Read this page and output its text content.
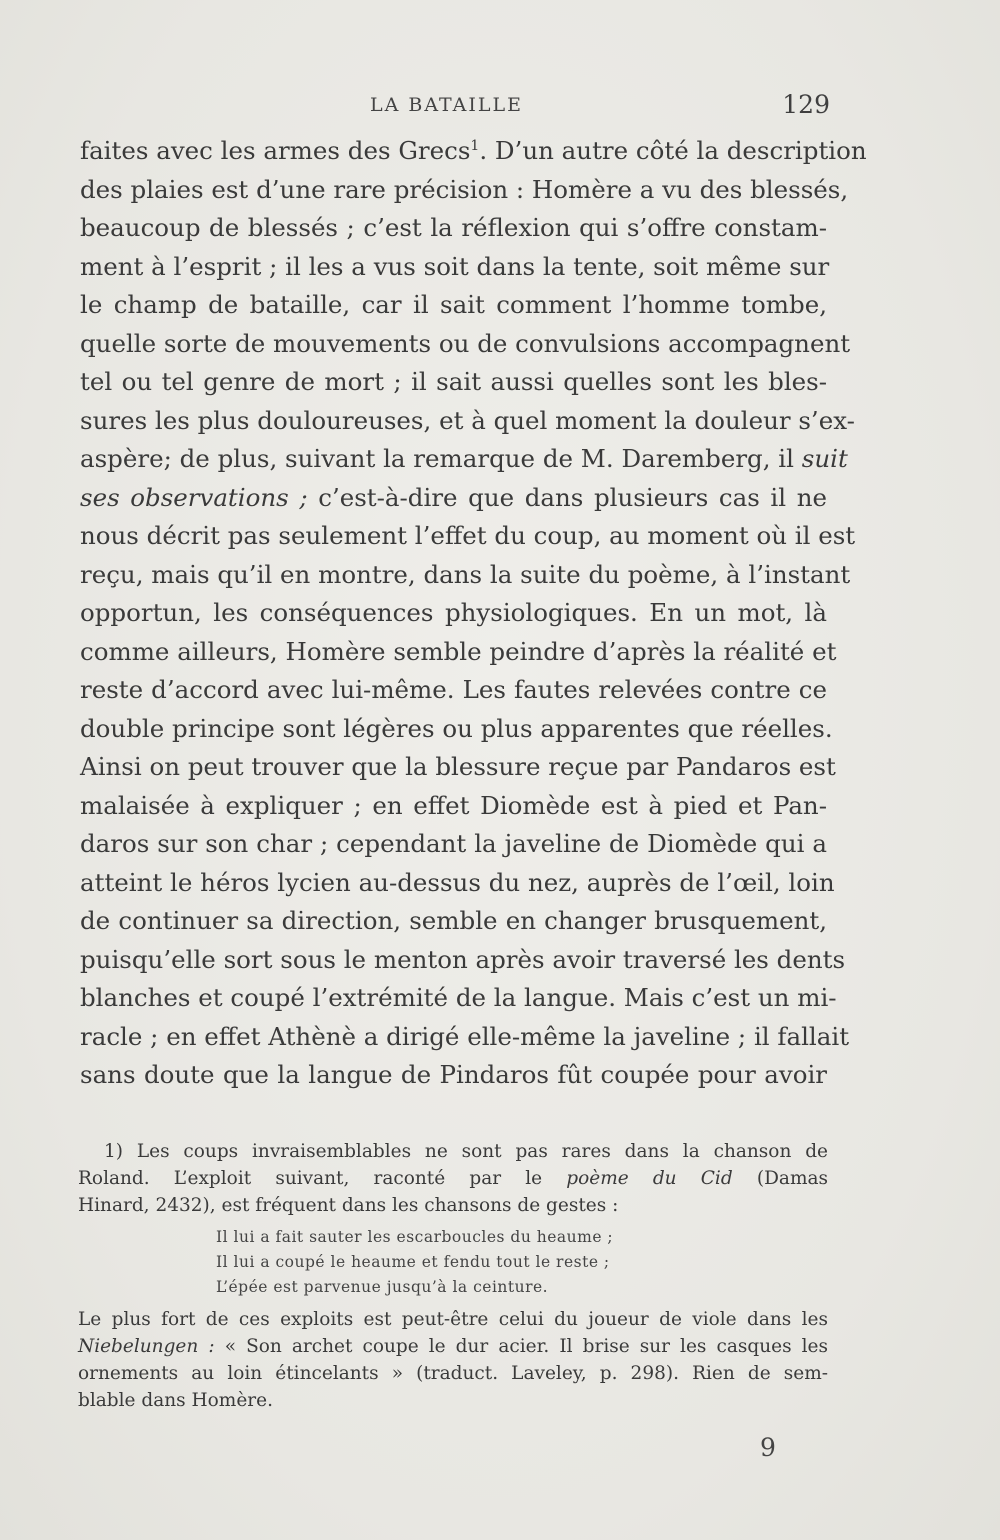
LA BATAILLE	129
faites avec les armes des Grecs$^1$. D’un autre côté la description
des plaies est d’une rare précision : Homère a vu des blessés,
beaucoup de blessés ; c’est la réflexion qui s’offre constam-
ment à l’esprit ; il les a vus soit dans la tente, soit même sur
le champ de bataille, car il sait comment l’homme tombe,
quelle sorte de mouvements ou de convulsions accompagnent
tel ou tel genre de mort ; il sait aussi quelles sont les bles-
sures les plus douloureuses, et à quel moment la douleur s’ex-
aspère; de plus, suivant la remarque de M. Daremberg, il suit
ses observations ; c’est-à-dire que dans plusieurs cas il ne
nous décrit pas seulement l’effet du coup, au moment où il est
reçu, mais qu’il en montre, dans la suite du poème, à l’instant
opportun, les conséquences physiologiques. En un mot, là
comme ailleurs, Homère semble peindre d’après la réalité et
reste d’accord avec lui-même. Les fautes relevées contre ce
double principe sont légères ou plus apparentes que réelles.
Ainsi on peut trouver que la blessure reçue par Pandaros est
malaisée à expliquer ; en effet Diomède est à pied et Pan-
daros sur son char ; cependant la javeline de Diomède qui a
atteint le héros lycien au-dessus du nez, auprès de l’œil, loin
de continuer sa direction, semble en changer brusquement,
puisqu’elle sort sous le menton après avoir traversé les dents
blanches et coupé l’extrémité de la langue. Mais c’est un mi-
racle ; en effet Athènè a dirigé elle-même la javeline ; il fallait
sans doute que la langue de Pindaros fût coupée pour avoir
1) Les coups invraisemblables ne sont pas rares dans la chanson de
Roland. L’exploit suivant, raconté par le poème du Cid (Damas
Hinard, 2432), est fréquent dans les chansons de gestes :
Il lui a fait sauter les escarboucles du heaume ;
Il lui a coupé le heaume et fendu tout le reste ;
L’épée est parvenue jusqu’à la ceinture.
Le plus fort de ces exploits est peut-être celui du joueur de viole dans les
Niebelungen : « Son archet coupe le dur acier. Il brise sur les casques les
ornements au loin étincelants » (traduct. Laveley, p. 298). Rien de sem-
blable dans Homère.
9
